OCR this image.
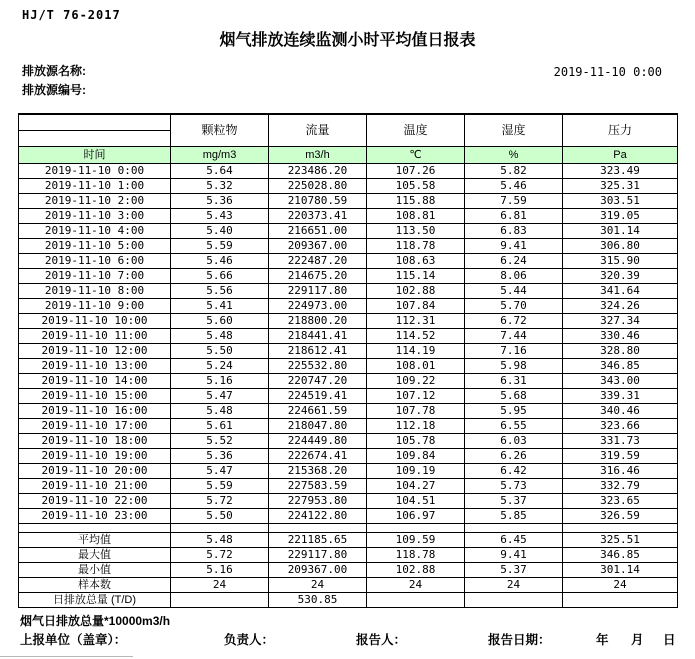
HJ/T 76-2017
烟气排放连续监测小时平均值日报表
排放源名称:	2019-11-10 0:00
排放源编号:
	颗粒物	流量	温度	湿度	压力
时间	mg/m3	m3/h	℃	%	Pa
2019-11-10 0:00	5.64	223486.20	107.26	5.82	323.49
2019-11-10 1:00	5.32	225028.80	105.58	5.46	325.31
2019-11-10 2:00	5.36	210780.59	115.88	7.59	303.51
2019-11-10 3:00	5.43	220373.41	108.81	6.81	319.05
2019-11-10 4:00	5.40	216651.00	113.50	6.83	301.14
2019-11-10 5:00	5.59	209367.00	118.78	9.41	306.80
2019-11-10 6:00	5.46	222487.20	108.63	6.24	315.90
2019-11-10 7:00	5.66	214675.20	115.14	8.06	320.39
2019-11-10 8:00	5.56	229117.80	102.88	5.44	341.64
2019-11-10 9:00	5.41	224973.00	107.84	5.70	324.26
2019-11-10 10:00	5.60	218800.20	112.31	6.72	327.34
2019-11-10 11:00	5.48	218441.41	114.52	7.44	330.46
2019-11-10 12:00	5.50	218612.41	114.19	7.16	328.80
2019-11-10 13:00	5.24	225532.80	108.01	5.98	346.85
2019-11-10 14:00	5.16	220747.20	109.22	6.31	343.00
2019-11-10 15:00	5.47	224519.41	107.12	5.68	339.31
2019-11-10 16:00	5.48	224661.59	107.78	5.95	340.46
2019-11-10 17:00	5.61	218047.80	112.18	6.55	323.66
2019-11-10 18:00	5.52	224449.80	105.78	6.03	331.73
2019-11-10 19:00	5.36	222674.41	109.84	6.26	319.59
2019-11-10 20:00	5.47	215368.20	109.19	6.42	316.46
2019-11-10 21:00	5.59	227583.59	104.27	5.73	332.79
2019-11-10 22:00	5.72	227953.80	104.51	5.37	323.65
2019-11-10 23:00	5.50	224122.80	106.97	5.85	326.59

平均值	5.48	221185.65	109.59	6.45	325.51
最大值	5.72	229117.80	118.78	9.41	346.85
最小值	5.16	209367.00	102.88	5.37	301.14
样本数	24	24	24	24	24
日排放总量 (T/D)		530.85			
烟气日排放总量*10000m3/h
上报单位（盖章）：	负责人：	报告人：	报告日期：	年 月 日
